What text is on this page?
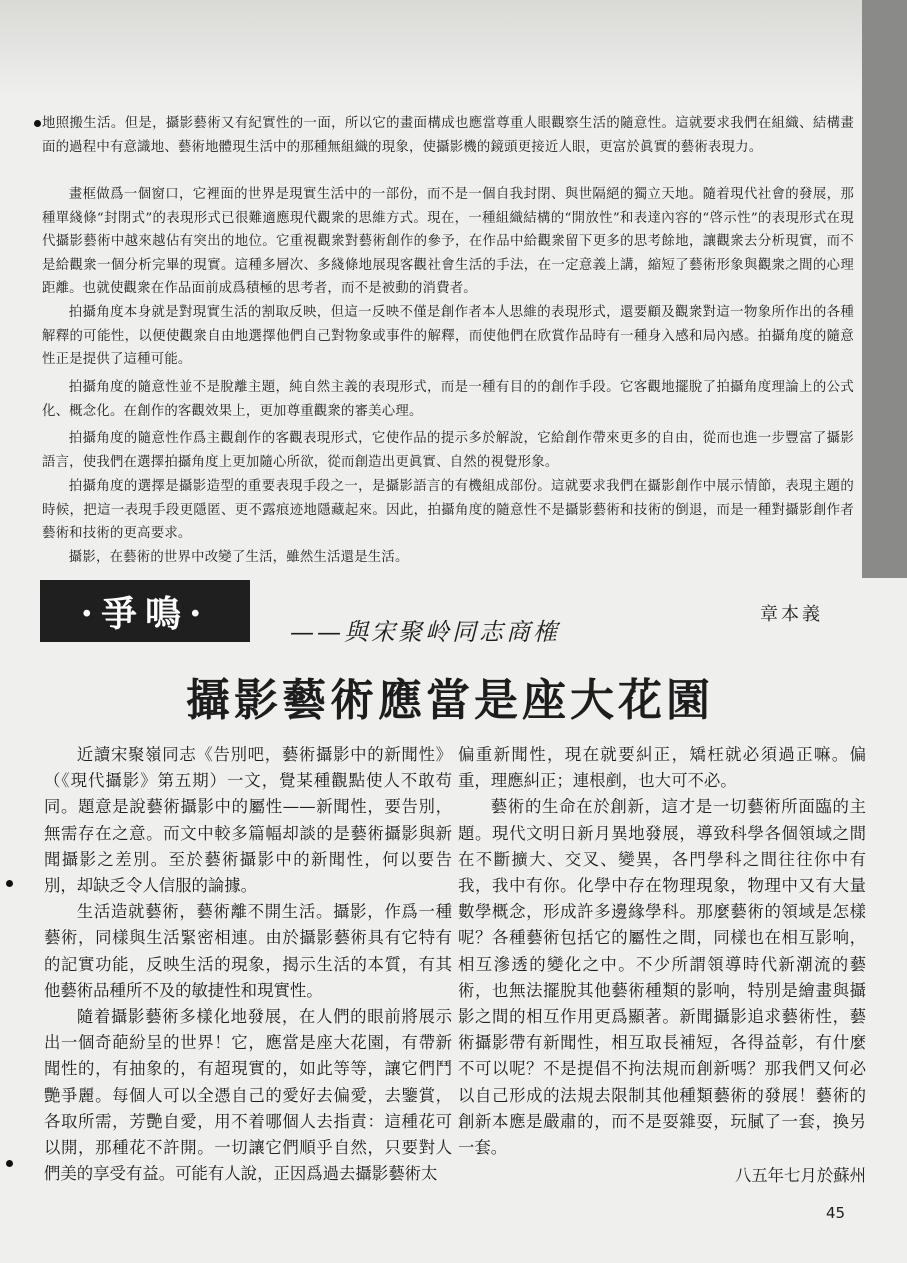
地照搬生活。但是，攝影藝術又有紀實性的一面，所以它的畫面構成也應當尊重人眼觀察生活的隨意性。這就要求我們在組織、結構畫面的過程中有意識地、藝術地體現生活中的那種無組織的現象，使攝影機的鏡頭更接近人眼，更富於眞實的藝術表現力。

畫框做爲一個窗口，它裡面的世界是現實生活中的一部份，而不是一個自我封閉、與世隔絕的獨立天地。隨着現代社會的發展，那種單綫條“封閉式”的表現形式已很難適應現代觀衆的思維方式。現在，一種組織結構的“開放性”和表達內容的“啓示性”的表現形式在現代攝影藝術中越來越佔有突出的地位。它重視觀衆對藝術創作的參予，在作品中給觀衆留下更多的思考餘地，讓觀衆去分析現實，而不是給觀衆一個分析完畢的現實。這種多層次、多綫條地展現客觀社會生活的手法，在一定意義上講，縮短了藝術形象與觀衆之間的心理距離。也就使觀衆在作品面前成爲積極的思考者，而不是被動的消費者。

拍攝角度本身就是對現實生活的割取反映，但這一反映不僅是創作者本人思維的表現形式，還要顧及觀衆對這一物象所作出的各種解釋的可能性，以便使觀衆自由地選擇他們自己對物象或事件的解釋，而使他們在欣賞作品時有一種身入感和局內感。拍攝角度的隨意性正是提供了這種可能。

拍攝角度的隨意性並不是脫離主題，純自然主義的表現形式，而是一種有目的的創作手段。它客觀地擺脫了拍攝角度理論上的公式化、概念化。在創作的客觀效果上，更加尊重觀衆的審美心理。

拍攝角度的隨意性作爲主觀創作的客觀表現形式，它使作品的提示多於解說，它給創作帶來更多的自由，從而也進一步豐富了攝影語言，使我們在選擇拍攝角度上更加隨心所欲，從而創造出更眞實、自然的視覺形象。

拍攝角度的選擇是攝影造型的重要表現手段之一，是攝影語言的有機組成部份。這就要求我們在攝影創作中展示情節，表現主題的時候，把這一表現手段更隱匿、更不露痕迹地隱藏起來。因此，拍攝角度的隨意性不是攝影藝術和技術的倒退，而是一種對攝影創作者藝術和技術的更高要求。

攝影，在藝術的世界中改變了生活，雖然生活還是生活。

·爭鳴·	——與宋聚岭同志商榷
章本義
攝影藝術應當是座大花園

近讀宋聚嶺同志《告別吧，藝術攝影中的新聞性》（《現代攝影》第五期）一文，覺某種觀點使人不敢苟同。題意是說藝術攝影中的屬性——新聞性，要告別，無需存在之意。而文中較多篇幅却談的是藝術攝影與新聞攝影之差別。至於藝術攝影中的新聞性，何以要告別，却缺乏令人信服的論據。

生活造就藝術，藝術離不開生活。攝影，作爲一種藝術，同樣與生活緊密相連。由於攝影藝術具有它特有的記實功能，反映生活的現象，揭示生活的本質，有其他藝術品種所不及的敏捷性和現實性。

隨着攝影藝術多樣化地發展，在人們的眼前將展示出一個奇葩紛呈的世界！它，應當是座大花園，有帶新聞性的，有抽象的，有超現實的，如此等等，讓它們鬥艷爭麗。每個人可以全憑自己的愛好去偏愛，去鑒賞，各取所需，芳艷自愛，用不着哪個人去指責：這種花可以開，那種花不許開。一切讓它們順乎自然，只要對人們美的享受有益。可能有人說，正因爲過去攝影藝術太

偏重新聞性，現在就要糾正，矯枉就必須過正嘛。偏重，理應糾正；連根剷，也大可不必。

藝術的生命在於創新，這才是一切藝術所面臨的主題。現代文明日新月異地發展，導致科學各個領域之間在不斷擴大、交叉、變異，各門學科之間往往你中有我，我中有你。化學中存在物理現象，物理中又有大量數學概念，形成許多邊緣學科。那麼藝術的領域是怎樣呢？各種藝術包括它的屬性之間，同樣也在相互影响，相互滲透的變化之中。不少所謂領導時代新潮流的藝術，也無法擺脫其他藝術種類的影响，特別是繪畫與攝影之間的相互作用更爲顯著。新聞攝影追求藝術性，藝術攝影帶有新聞性，相互取長補短，各得益彰，有什麼不可以呢？不是提倡不拘法規而創新嗎？那我們又何必以自己形成的法規去限制其他種類藝術的發展！藝術的創新本應是嚴肅的，而不是耍雜耍，玩膩了一套，換另一套。

八五年七月於蘇州

45
